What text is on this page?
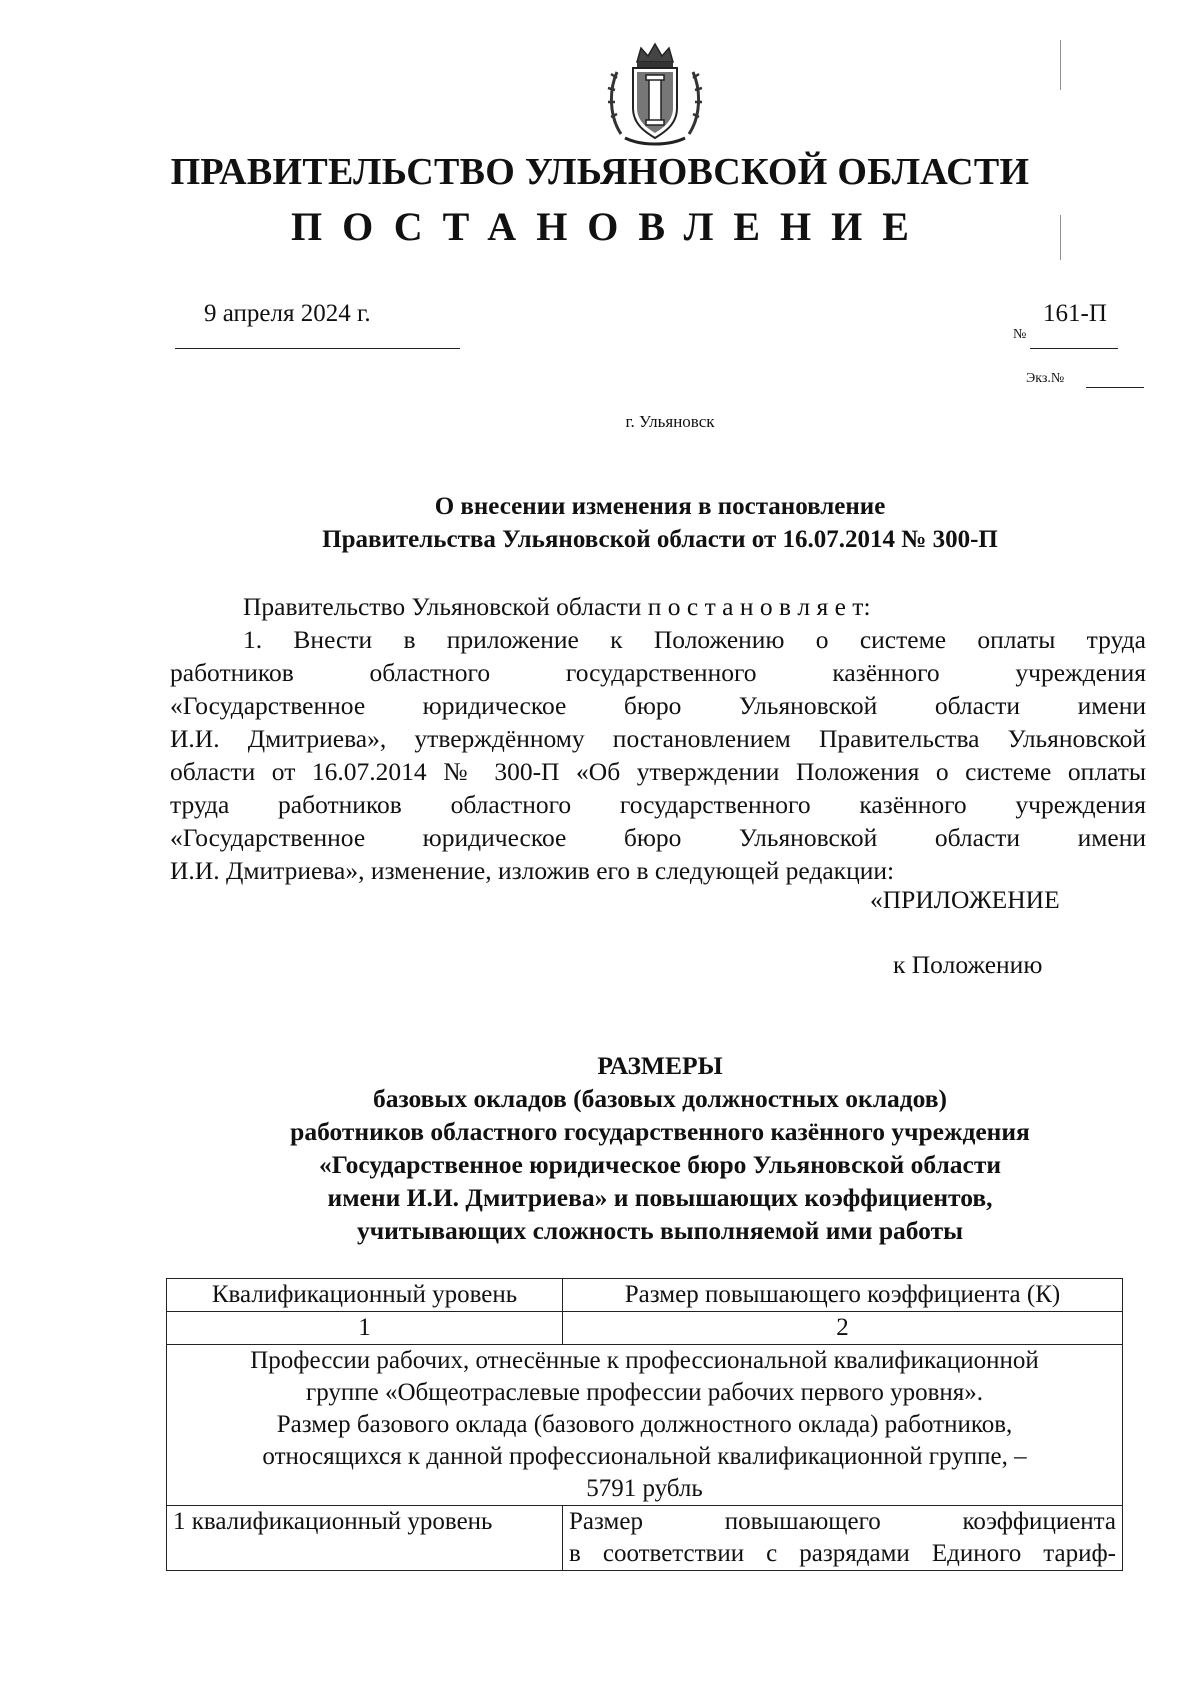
ПРАВИТЕЛЬСТВО УЛЬЯНОВСКОЙ ОБЛАСТИ
ПОСТАНОВЛЕНИЕ
9 апреля 2024 г.
№
161-П
Экз.№
г. Ульяновск
О внесении изменения в постановление
Правительства Ульяновской области от 16.07.2014 № 300-П
Правительство Ульяновской области п о с т а н о в л я е т:
1. Внести в приложение к Положению о системе оплаты труда
работников областного государственного казённого учреждения
«Государственное юридическое бюро Ульяновской области имени
И.И. Дмитриева», утверждённому постановлением Правительства Ульяновской
области от 16.07.2014 № 300-П «Об утверждении Положения о системе оплаты
труда работников областного государственного казённого учреждения
«Государственное юридическое бюро Ульяновской области имени
И.И. Дмитриева», изменение, изложив его в следующей редакции:
«ПРИЛОЖЕНИЕ
к Положению
РАЗМЕРЫ
базовых окладов (базовых должностных окладов)
работников областного государственного казённого учреждения
«Государственное юридическое бюро Ульяновской области
имени И.И. Дмитриева» и повышающих коэффициентов,
учитывающих сложность выполняемой ими работы
Квалификационный уровень	Размер повышающего коэффициента (К)
1	2

Профессии рабочих, отнесённые к профессиональной квалификационной
группе «Общеотраслевые профессии рабочих первого уровня».
Размер базового оклада (базового должностного оклада) работников,
относящихся к данной профессиональной квалификационной группе, –
5791 рубль	

1 квалификационный уровень	Размер повышающего коэффициента
в соответствии с разрядами Единого тариф-
